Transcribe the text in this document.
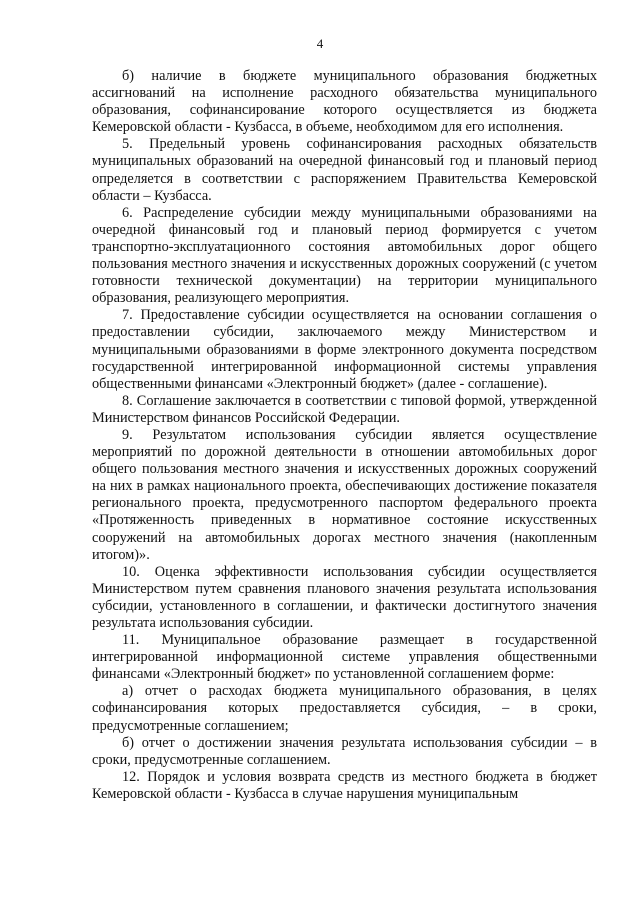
4

б) наличие в бюджете муниципального образования бюджетных ассигнований на исполнение расходного обязательства муниципального образования, софинансирование которого осуществляется из бюджета Кемеровской области - Кузбасса, в объеме, необходимом для его исполнения.

5. Предельный уровень софинансирования расходных обязательств муниципальных образований на очередной финансовый год и плановый период определяется в соответствии с распоряжением Правительства Кемеровской области – Кузбасса.

6. Распределение субсидии между муниципальными образованиями на очередной финансовый год и плановый период формируется с учетом транспортно-эксплуатационного состояния автомобильных дорог общего пользования местного значения и искусственных дорожных сооружений (с учетом готовности технической документации) на территории муниципального образования, реализующего мероприятия.

7. Предоставление субсидии осуществляется на основании соглашения о предоставлении субсидии, заключаемого между Министерством и муниципальными образованиями в форме электронного документа посредством государственной интегрированной информационной системы управления общественными финансами «Электронный бюджет» (далее - соглашение).

8. Соглашение заключается в соответствии с типовой формой, утвержденной Министерством финансов Российской Федерации.

9. Результатом использования субсидии является осуществление мероприятий по дорожной деятельности в отношении автомобильных дорог общего пользования местного значения и искусственных дорожных сооружений на них в рамках национального проекта, обеспечивающих достижение показателя регионального проекта, предусмотренного паспортом федерального проекта «Протяженность приведенных в нормативное состояние искусственных сооружений на автомобильных дорогах местного значения (накопленным итогом)».

10. Оценка эффективности использования субсидии осуществляется Министерством путем сравнения планового значения результата использования субсидии, установленного в соглашении, и фактически достигнутого значения результата использования субсидии.

11. Муниципальное образование размещает в государственной интегрированной информационной системе управления общественными финансами «Электронный бюджет» по установленной соглашением форме:

а) отчет о расходах бюджета муниципального образования, в целях софинансирования которых предоставляется субсидия, – в сроки, предусмотренные соглашением;

б) отчет о достижении значения результата использования субсидии – в сроки, предусмотренные соглашением.

12. Порядок и условия возврата средств из местного бюджета в бюджет Кемеровской области - Кузбасса в случае нарушения муниципальным
